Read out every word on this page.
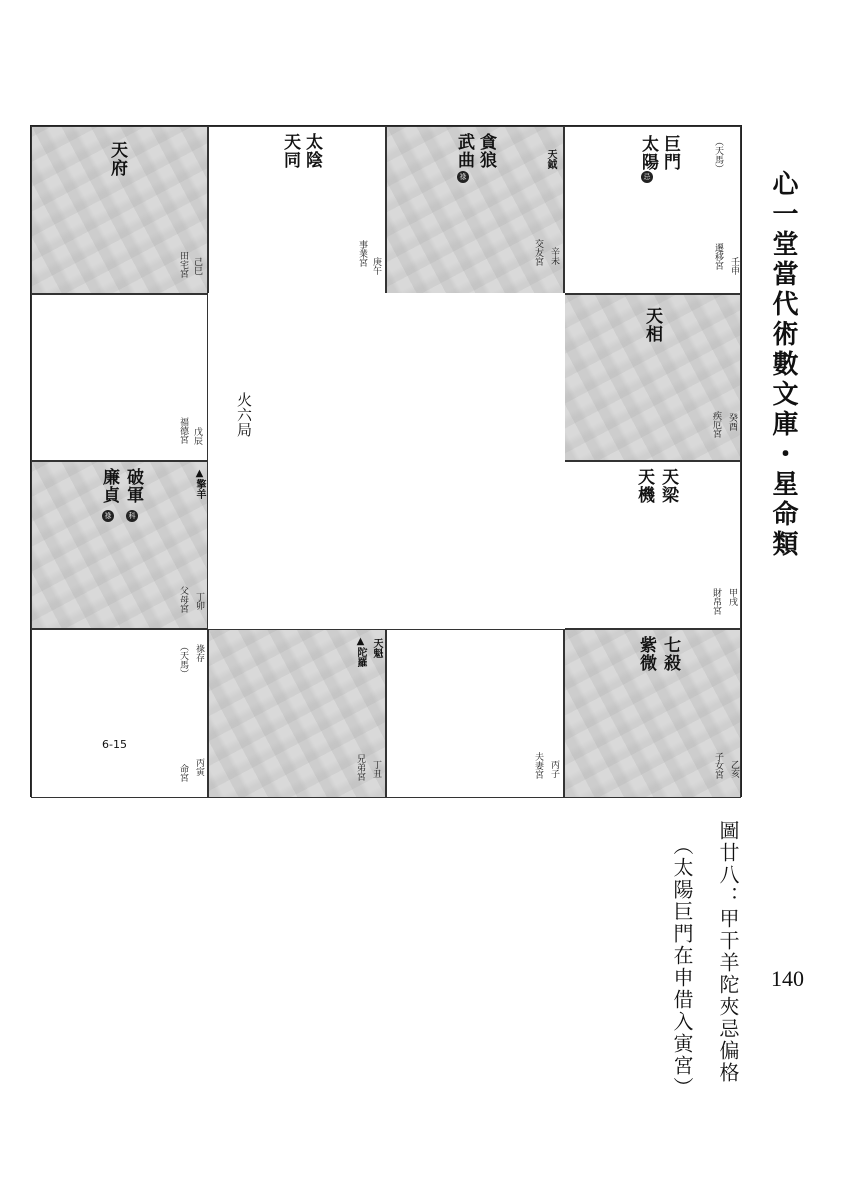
天府
己巳
田宅宮
太陰
天同
庚午
事業宮
貪狼
武曲
祿
天鉞
辛未
交友宮
巨門
太陽
忌
（天馬）
壬申
遷移宮
戊辰
福德宮
破軍
廉貞
科
祿
▲擎羊
丁卯
父母宮
天相
癸酉
疾厄宮
天梁
天機
甲戌
財帛宮
祿存
（天馬）
丙寅
命宮
天魁
▲陀羅
丁丑
兄弟宮	丙子
夫妻宮
七殺
紫微
乙亥
子女宮
火六局
6-15
心一堂當代術數文庫・星命類
140
圖廿八：甲干羊陀夾忌偏格
（太陽巨門在申借入寅宮）
